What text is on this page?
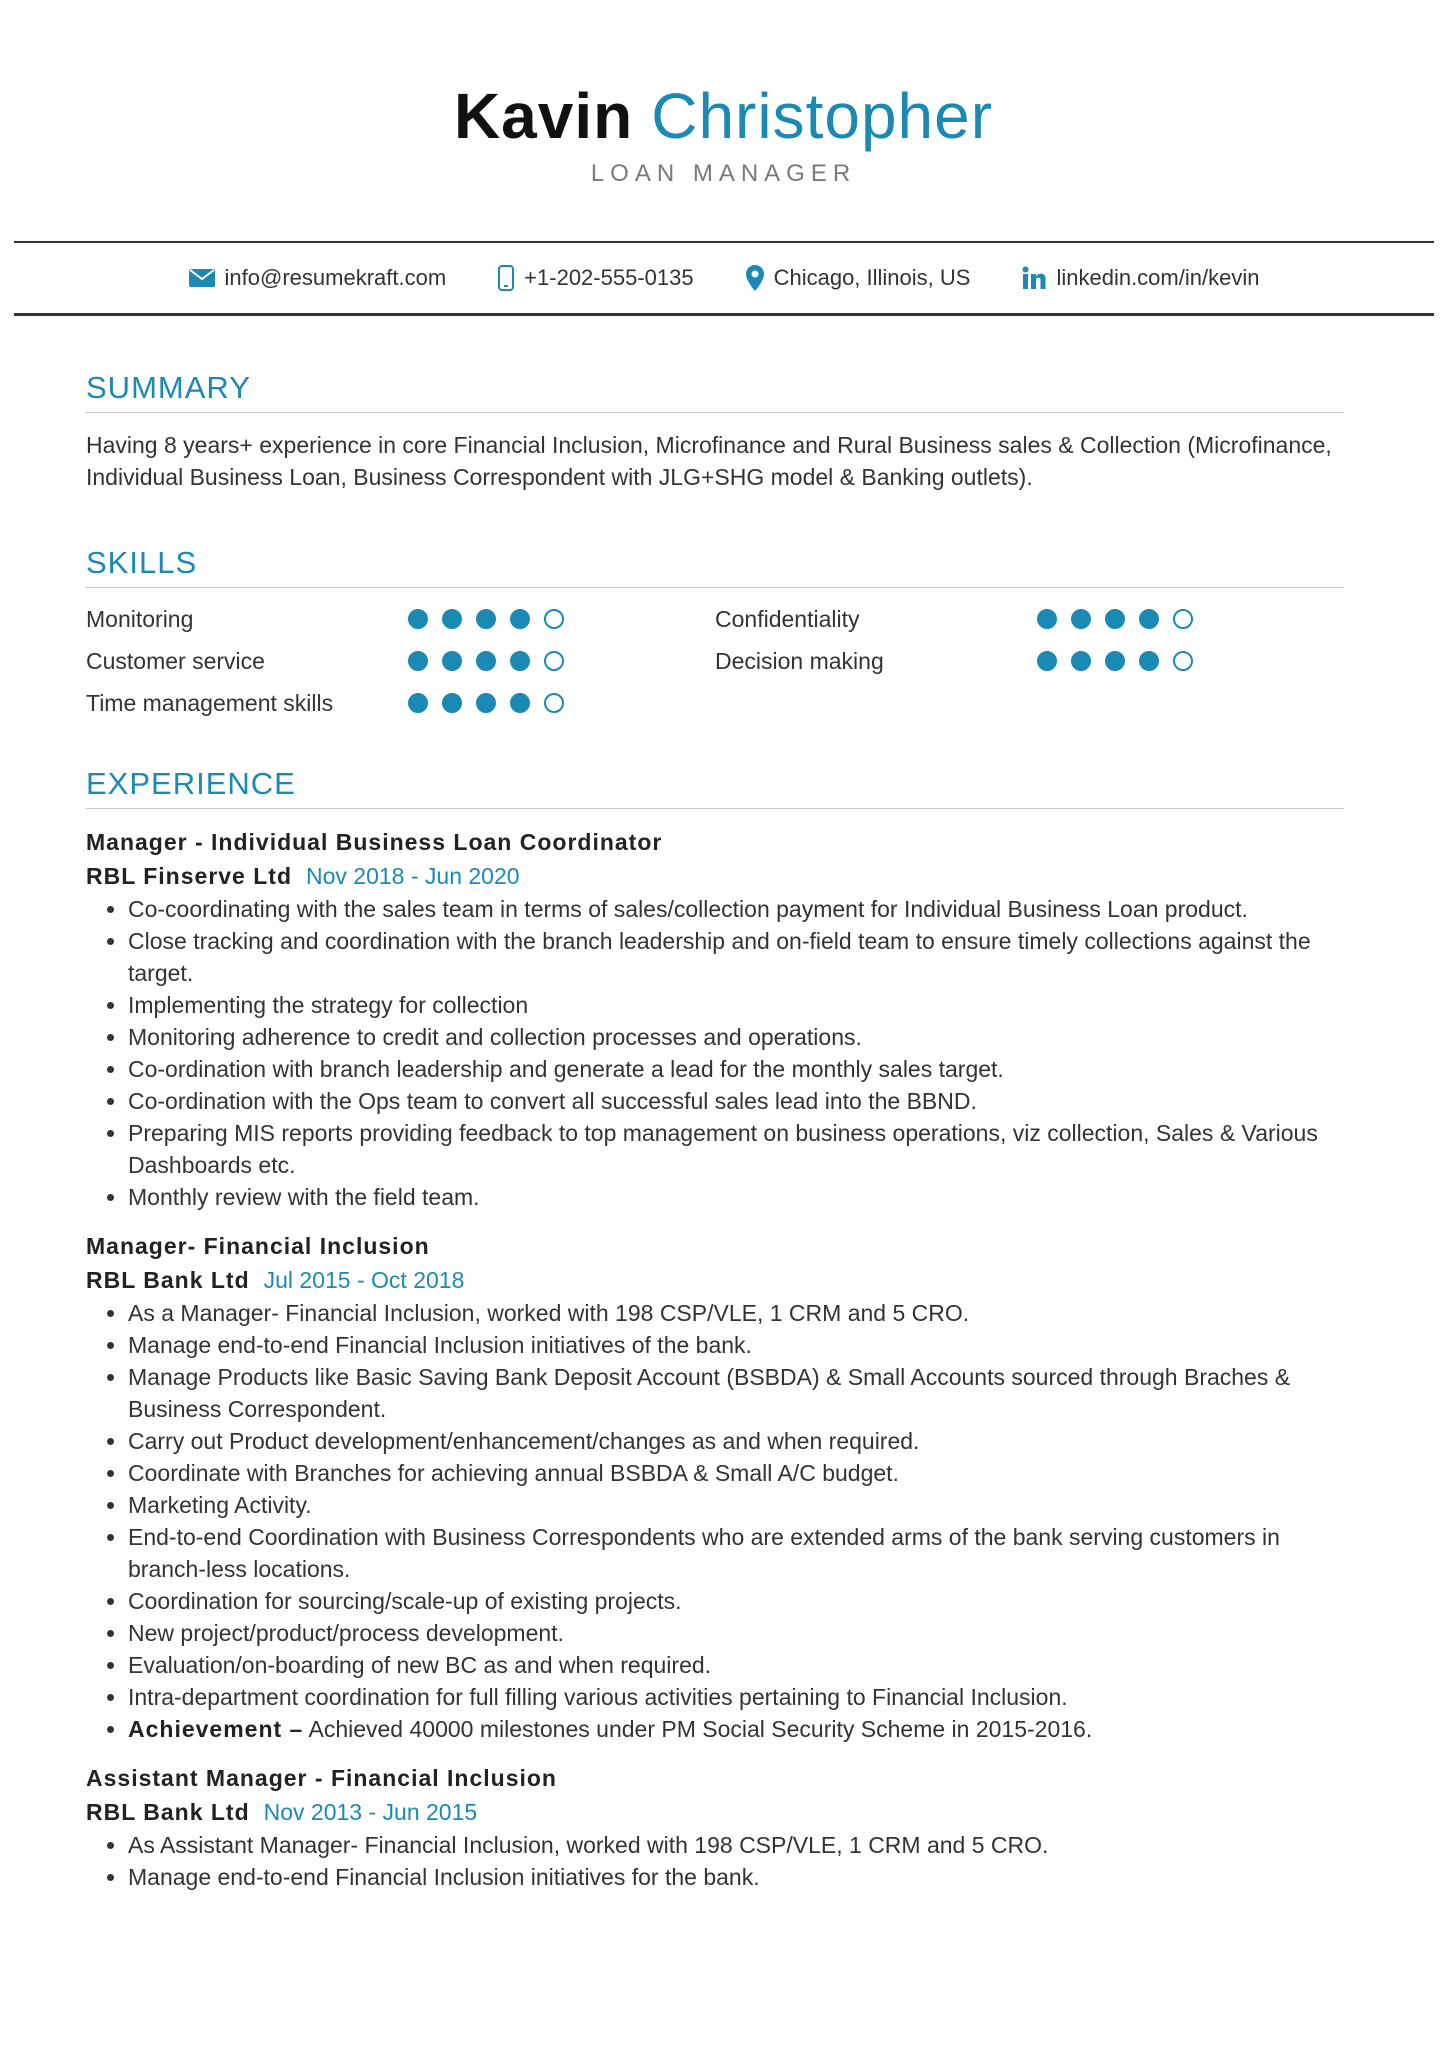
Kavin Christopher
LOAN MANAGER
info@resumekraft.com	+1-202-555-0135	Chicago, Illinois, US	linkedin.com/in/kevin
SUMMARY

Having 8 years+ experience in core Financial Inclusion, Microfinance and Rural Business sales & Collection (Microfinance, Individual Business Loan, Business Correspondent with JLG+SHG model & Banking outlets).

SKILLS
Monitoring	Confidentiality
Customer service	Decision making
Time management skills
EXPERIENCE
Manager - Individual Business Loan Coordinator
RBL Finserve Ltd Nov 2018 - Jun 2020
• Co-coordinating with the sales team in terms of sales/collection payment for Individual Business Loan product.
• Close tracking and coordination with the branch leadership and on-field team to ensure timely collections against the target.
• Implementing the strategy for collection
• Monitoring adherence to credit and collection processes and operations.
• Co-ordination with branch leadership and generate a lead for the monthly sales target.
• Co-ordination with the Ops team to convert all successful sales lead into the BBND.
• Preparing MIS reports providing feedback to top management on business operations, viz collection, Sales & Various Dashboards etc.
• Monthly review with the field team.
Manager- Financial Inclusion
RBL Bank Ltd Jul 2015 - Oct 2018
• As a Manager- Financial Inclusion, worked with 198 CSP/VLE, 1 CRM and 5 CRO.
• Manage end-to-end Financial Inclusion initiatives of the bank.
• Manage Products like Basic Saving Bank Deposit Account (BSBDA) & Small Accounts sourced through Braches & Business Correspondent.
• Carry out Product development/enhancement/changes as and when required.
• Coordinate with Branches for achieving annual BSBDA & Small A/C budget.
• Marketing Activity.
• End-to-end Coordination with Business Correspondents who are extended arms of the bank serving customers in branch-less locations.
• Coordination for sourcing/scale-up of existing projects.
• New project/product/process development.
• Evaluation/on-boarding of new BC as and when required.
• Intra-department coordination for full filling various activities pertaining to Financial Inclusion.
• Achievement – Achieved 40000 milestones under PM Social Security Scheme in 2015-2016.
Assistant Manager - Financial Inclusion
RBL Bank Ltd Nov 2013 - Jun 2015
• As Assistant Manager- Financial Inclusion, worked with 198 CSP/VLE, 1 CRM and 5 CRO.
• Manage end-to-end Financial Inclusion initiatives for the bank.
